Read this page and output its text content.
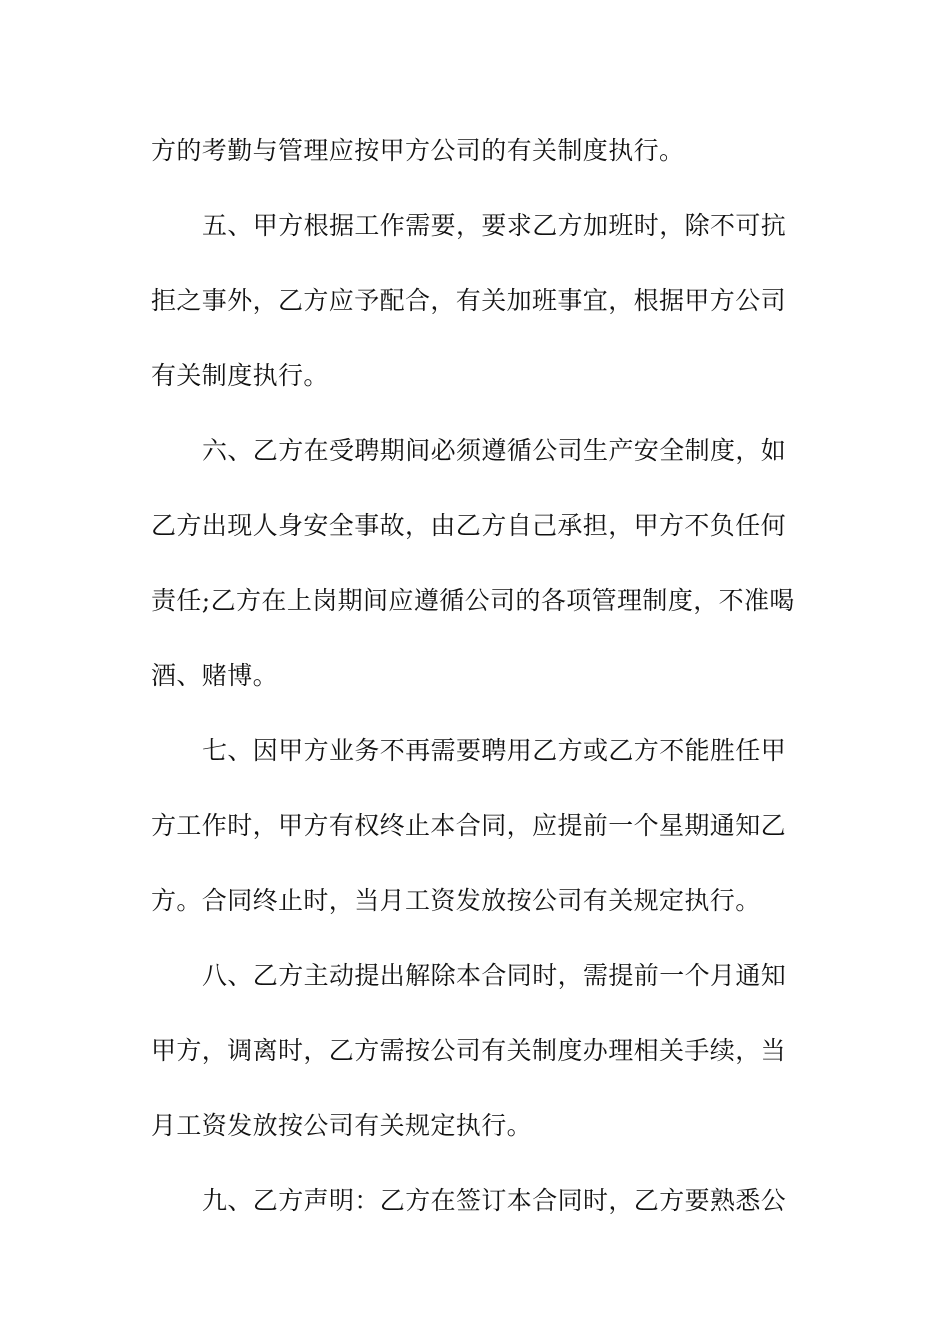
方的考勤与管理应按甲方公司的有关制度执行。
五、甲方根据工作需要，要求乙方加班时，除不可抗
拒之事外，乙方应予配合，有关加班事宜，根据甲方公司
有关制度执行。
六、乙方在受聘期间必须遵循公司生产安全制度，如
乙方出现人身安全事故，由乙方自己承担，甲方不负任何
责任;乙方在上岗期间应遵循公司的各项管理制度，不准喝
酒、赌博。
七、因甲方业务不再需要聘用乙方或乙方不能胜任甲
方工作时，甲方有权终止本合同，应提前一个星期通知乙
方。合同终止时，当月工资发放按公司有关规定执行。
八、乙方主动提出解除本合同时，需提前一个月通知
甲方，调离时，乙方需按公司有关制度办理相关手续，当
月工资发放按公司有关规定执行。
九、乙方声明：乙方在签订本合同时，乙方要熟悉公
